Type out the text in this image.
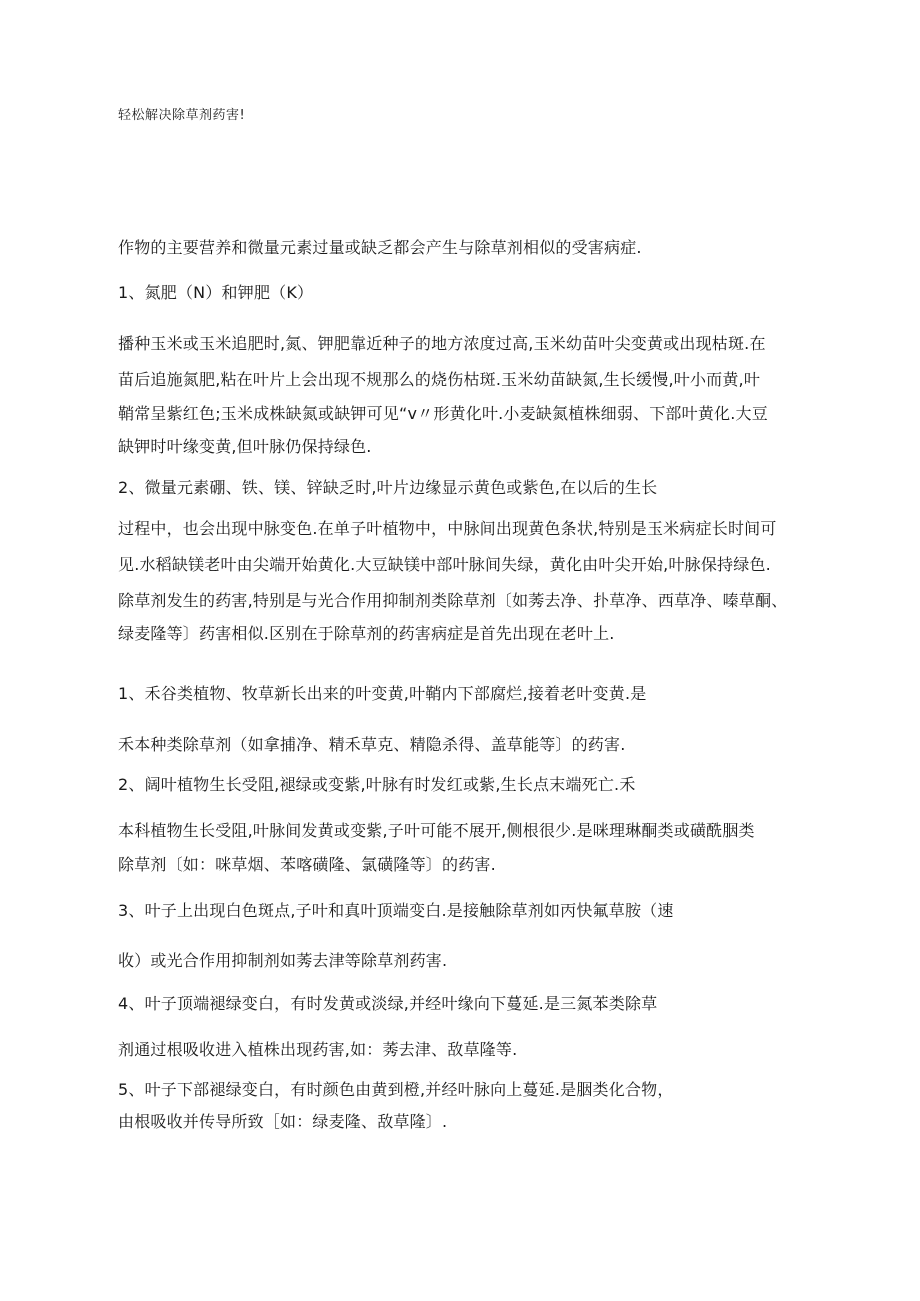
轻松解决除草剂药害!
作物的主要营养和微量元素过量或缺乏都会产生与除草剂相似的受害病症.
1、氮肥（N）和钾肥（K）
播种玉米或玉米追肥时,氮、钾肥靠近种子的地方浓度过高,玉米幼苗叶尖变黄或出现枯斑.在
苗后追施氮肥,粘在叶片上会出现不规那么的烧伤枯斑.玉米幼苗缺氮,生长缓慢,叶小而黄,叶
鞘常呈紫红色;玉米成株缺氮或缺钾可见“v〃形黄化叶.小麦缺氮植株细弱、下部叶黄化.大豆
缺钾时叶缘变黄,但叶脉仍保持绿色.
2、微量元素硼、铁、镁、锌缺乏时,叶片边缘显示黄色或紫色,在以后的生长
过程中，也会出现中脉变色.在单子叶植物中，中脉间出现黄色条状,特别是玉米病症长时间可
见.水稻缺镁老叶由尖端开始黄化.大豆缺镁中部叶脉间失绿，黄化由叶尖开始,叶脉保持绿色.
除草剂发生的药害,特别是与光合作用抑制剂类除草剂〔如莠去净、扑草净、西草净、嗪草酮、
绿麦隆等〕药害相似.区别在于除草剂的药害病症是首先出现在老叶上.
1、禾谷类植物、牧草新长出来的叶变黄,叶鞘内下部腐烂,接着老叶变黄.是
禾本种类除草剂（如拿捕净、精禾草克、精隐杀得、盖草能等〕的药害.
2、阔叶植物生长受阻,褪绿或变紫,叶脉有时发红或紫,生长点末端死亡.禾
本科植物生长受阻,叶脉间发黄或变紫,子叶可能不展开,侧根很少.是咪理琳酮类或磺酰胭类
除草剂〔如：咪草烟、苯喀磺隆、氯磺隆等〕的药害.
3、叶子上出现白色斑点,子叶和真叶顶端变白.是接触除草剂如丙快氟草胺（速
收）或光合作用抑制剂如莠去津等除草剂药害.
4、叶子顶端褪绿变白，有时发黄或淡绿,并经叶缘向下蔓延.是三氮苯类除草
剂通过根吸收进入植株出现药害,如：莠去津、敌草隆等.
5、叶子下部褪绿变白，有时颜色由黄到橙,并经叶脉向上蔓延.是胭类化合物，
由根吸收并传导所致［如：绿麦隆、敌草隆〕.
